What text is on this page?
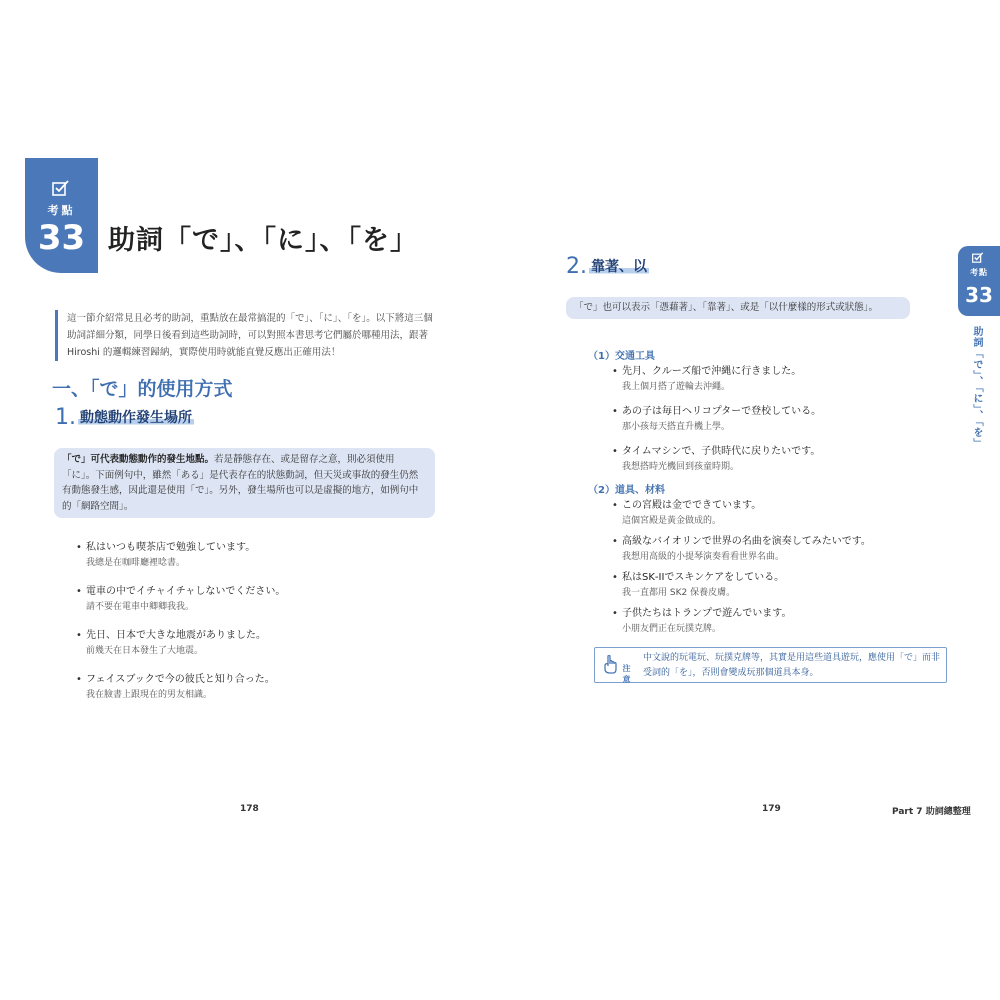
考點
33 助詞「で」、「に」、「を」
這一節介紹常見且必考的助詞，重點放在最常搞混的「で」、「に」、「を」。以下將這三個助詞詳細分類，同學日後看到這些助詞時，可以對照本書思考它們屬於哪種用法，跟著 Hiroshi 的邏輯練習歸納，實際使用時就能直覺反應出正確用法！
一、「で」的使用方式
1. 動態動作發生場所
「で」可代表動態動作的發生地點。若是靜態存在、或是留存之意，則必須使用「に」。下面例句中，雖然「ある」是代表存在的狀態動詞，但天災或事故的發生仍然有動態發生感，因此還是使用「で」。另外，發生場所也可以是虛擬的地方，如例句中的「網路空間」。
• 私はいつも喫茶店で勉強しています。
我總是在咖啡廳裡唸書。
• 電車の中でイチャイチャしないでください。
請不要在電車中卿卿我我。
• 先日、日本で大きな地震がありました。
前幾天在日本發生了大地震。
• フェイスブックで今の彼氏と知り合った。
我在臉書上跟現在的男友相識。
178
2. 靠著、以
「で」也可以表示「憑藉著」、「靠著」、或是「以什麼樣的形式或狀態」。
（1）交通工具
• 先月、クルーズ船で沖縄に行きました。
我上個月搭了遊輪去沖繩。
• あの子は毎日ヘリコプターで登校している。
那小孩每天搭直升機上學。
• タイムマシンで、子供時代に戻りたいです。
我想搭時光機回到孩童時期。
（2）道具、材料
• この宮殿は金でできています。
這個宮殿是黃金做成的。
• 高級なバイオリンで世界の名曲を演奏してみたいです。
我想用高級的小提琴演奏看看世界名曲。
• 私はSK‐IIでスキンケアをしている。
我一直都用 SK2 保養皮膚。
• 子供たちはトランプで遊んでいます。
小朋友們正在玩撲克牌。
注意
中文說的玩電玩、玩撲克牌等，其實是用這些道具遊玩，應使用「で」而非受詞的「を」，否則會變成玩那個道具本身。
179	Part 7 助詞總整理
考點
33
助詞「で」、「に」、「を」
